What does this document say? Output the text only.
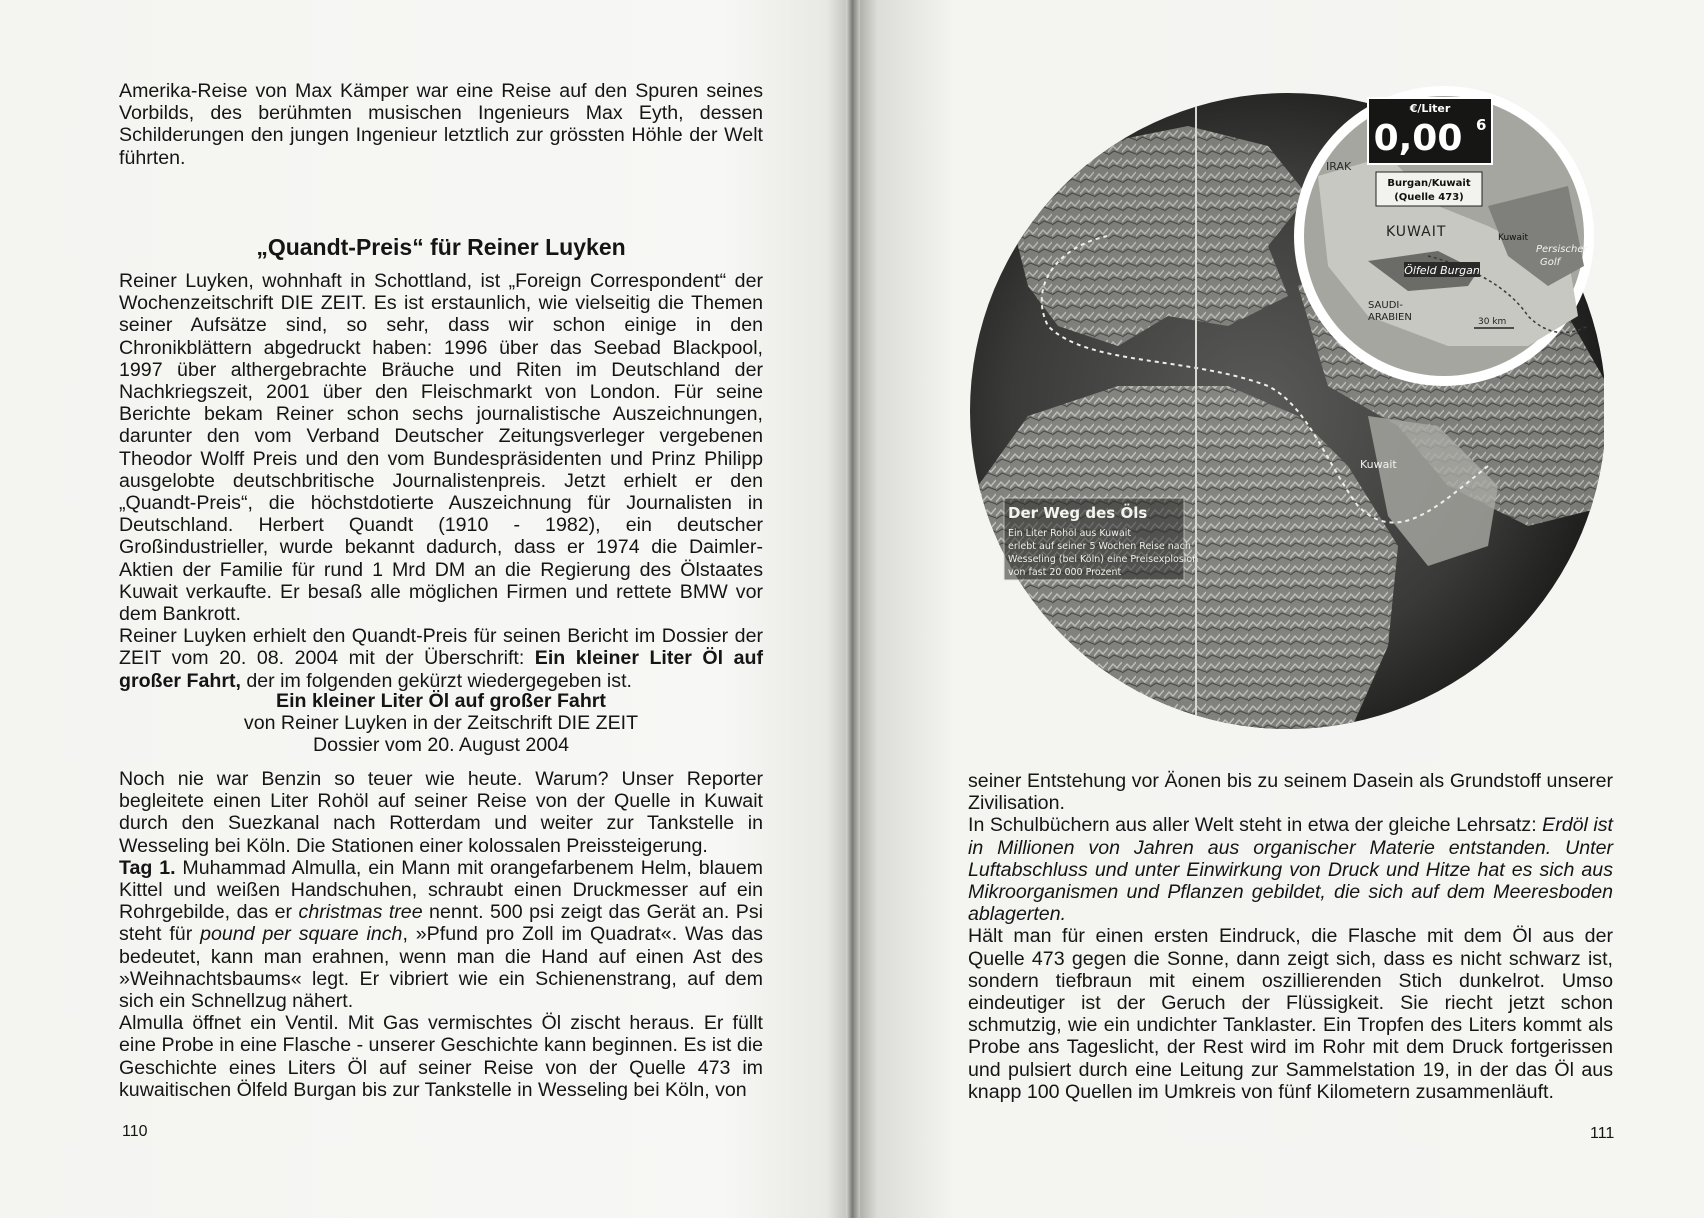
Amerika-Reise von Max Kämper war eine Reise auf den Spuren seines Vorbilds, des berühmten musischen Ingenieurs Max Eyth, dessen Schilderungen den jungen Ingenieur letztlich zur grössten Höhle der Welt führten.

„Quandt-Preis“ für Reiner Luyken

Reiner Luyken, wohnhaft in Schottland, ist „Foreign Correspondent“ der Wochenzeitschrift DIE ZEIT. Es ist erstaunlich, wie vielseitig die Themen seiner Aufsätze sind, so sehr, dass wir schon einige in den Chronikblättern abgedruckt haben: 1996 über das Seebad Blackpool, 1997 über althergebrachte Bräuche und Riten im Deutschland der Nachkriegszeit, 2001 über den Fleischmarkt von London. Für seine Berichte bekam Reiner schon sechs journalistische Auszeichnungen, darunter den vom Verband Deutscher Zeitungsverleger vergebenen Theodor Wolff Preis und den vom Bundespräsidenten und Prinz Philipp ausgelobte deutschbritische Journalistenpreis. Jetzt erhielt er den „Quandt-Preis“, die höchstdotierte Auszeichnung für Journalisten in Deutschland. Herbert Quandt (1910 - 1982), ein deutscher Großindustrieller, wurde bekannt dadurch, dass er 1974 die Daimler-Aktien der Familie für rund 1 Mrd DM an die Regierung des Ölstaates Kuwait verkaufte. Er besaß alle möglichen Firmen und rettete BMW vor dem Bankrott.

Reiner Luyken erhielt den Quandt-Preis für seinen Bericht im Dossier der ZEIT vom 20. 08. 2004 mit der Überschrift: Ein kleiner Liter Öl auf großer Fahrt, der im folgenden gekürzt wiedergegeben ist.

Ein kleiner Liter Öl auf großer Fahrt

von Reiner Luyken in der Zeitschrift DIE ZEIT

Dossier vom 20. August 2004

Noch nie war Benzin so teuer wie heute. Warum? Unser Reporter begleitete einen Liter Rohöl auf seiner Reise von der Quelle in Kuwait durch den Suezkanal nach Rotterdam und weiter zur Tankstelle in Wesseling bei Köln. Die Stationen einer kolossalen Preissteigerung.

Tag 1. Muhammad Almulla, ein Mann mit orangefarbenem Helm, blauem Kittel und weißen Handschuhen, schraubt einen Druckmesser auf ein Rohrgebilde, das er christmas tree nennt. 500 psi zeigt das Gerät an. Psi steht für pound per square inch, »Pfund pro Zoll im Quadrat«. Was das bedeutet, kann man erahnen, wenn man die Hand auf einen Ast des »Weihnachtsbaums« legt. Er vibriert wie ein Schienenstrang, auf dem sich ein Schnellzug nähert.

Almulla öffnet ein Ventil. Mit Gas vermischtes Öl zischt heraus. Er füllt eine Probe in eine Flasche - unserer Geschichte kann beginnen. Es ist die Geschichte eines Liters Öl auf seiner Reise von der Quelle 473 im kuwaitischen Ölfeld Burgan bis zur Tankstelle in Wesseling bei Köln, von

110
Kuwait
Der Weg des Öls
Ein Liter Rohöl aus Kuwait
erlebt auf seiner 5 Wochen Reise nach
Wesseling (bei Köln) eine Preisexplosion
von fast 20 000 Prozent
€/Liter
0,00 6
Burgan/Kuwait
(Quelle 473)
IRAK
KUWAIT	Kuwait
Persischer
Golf
Ölfeld Burgan
SAUDI-
ARABIEN	30 km

seiner Entstehung vor Äonen bis zu seinem Dasein als Grundstoff unserer Zivilisation.

In Schulbüchern aus aller Welt steht in etwa der gleiche Lehrsatz: Erdöl ist in Millionen von Jahren aus organischer Materie entstanden. Unter Luftabschluss und unter Einwirkung von Druck und Hitze hat es sich aus Mikroorganismen und Pflanzen gebildet, die sich auf dem Meeresboden ablagerten.

Hält man für einen ersten Eindruck, die Flasche mit dem Öl aus der Quelle 473 gegen die Sonne, dann zeigt sich, dass es nicht schwarz ist, sondern tiefbraun mit einem oszillierenden Stich dunkelrot. Umso eindeutiger ist der Geruch der Flüssigkeit. Sie riecht jetzt schon schmutzig, wie ein undichter Tanklaster. Ein Tropfen des Liters kommt als Probe ans Tageslicht, der Rest wird im Rohr mit dem Druck fortgerissen und pulsiert durch eine Leitung zur Sammelstation 19, in der das Öl aus knapp 100 Quellen im Umkreis von fünf Kilometern zusammenläuft.

111
